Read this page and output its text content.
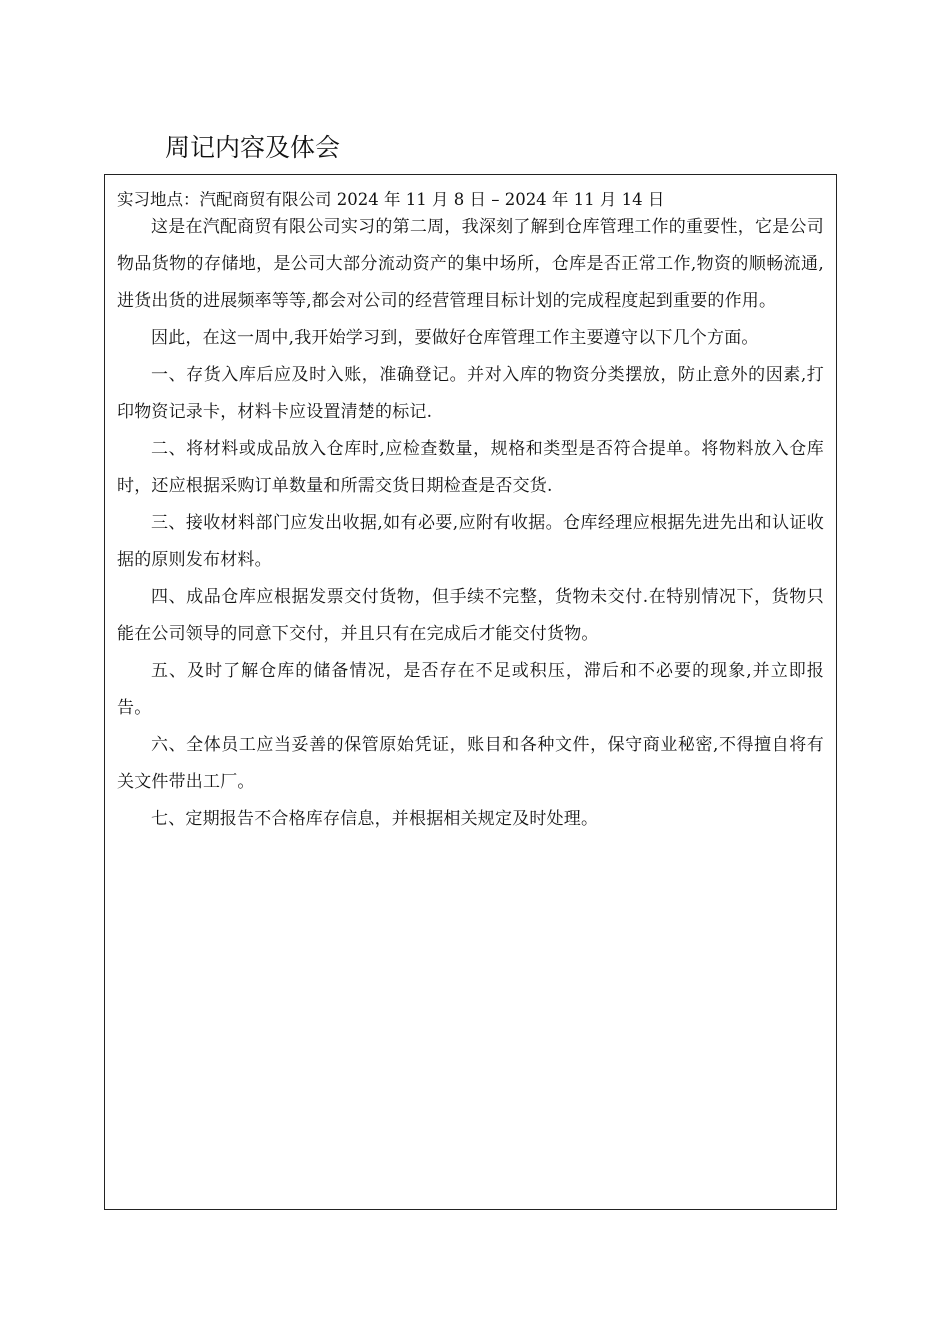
周记内容及体会
实习地点：汽配商贸有限公司 2024 年 11 月 8 日 – 2024 年 11 月 14 日

这是在汽配商贸有限公司实习的第二周，我深刻了解到仓库管理工作的重要性，它是公司物品货物的存储地，是公司大部分流动资产的集中场所，仓库是否正常工作,物资的顺畅流通,进货出货的进展频率等等,都会对公司的经营管理目标计划的完成程度起到重要的作用。

因此，在这一周中,我开始学习到，要做好仓库管理工作主要遵守以下几个方面。

一、存货入库后应及时入账，准确登记。并对入库的物资分类摆放，防止意外的因素,打印物资记录卡，材料卡应设置清楚的标记.

二、将材料或成品放入仓库时,应检查数量，规格和类型是否符合提单。将物料放入仓库时，还应根据采购订单数量和所需交货日期检查是否交货.

三、接收材料部门应发出收据,如有必要,应附有收据。仓库经理应根据先进先出和认证收据的原则发布材料。

四、成品仓库应根据发票交付货物，但手续不完整，货物未交付.在特别情况下，货物只能在公司领导的同意下交付，并且只有在完成后才能交付货物。

五、及时了解仓库的储备情况，是否存在不足或积压，滞后和不必要的现象,并立即报告。

六、全体员工应当妥善的保管原始凭证，账目和各种文件，保守商业秘密,不得擅自将有关文件带出工厂。

七、定期报告不合格库存信息，并根据相关规定及时处理。
